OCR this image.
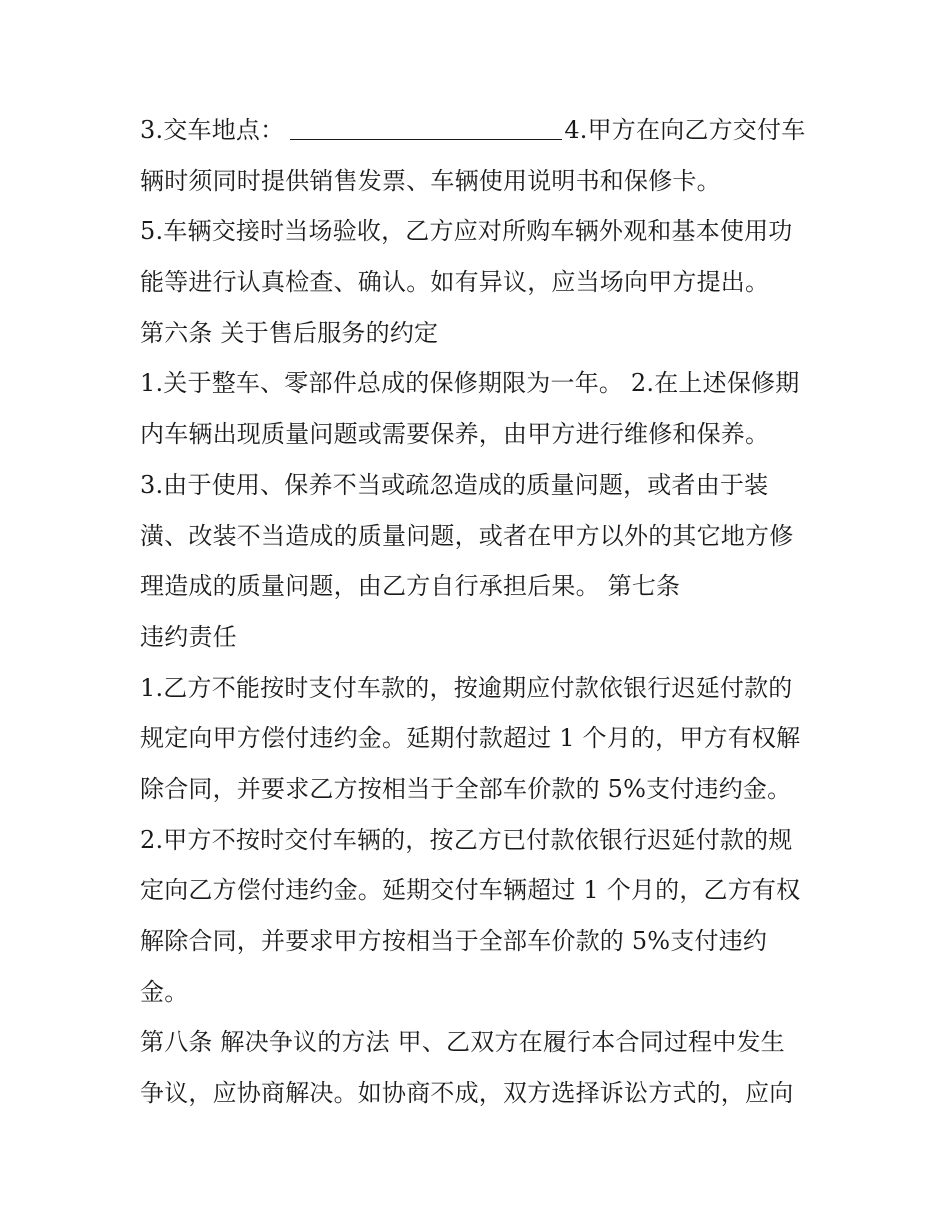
3.交车地点：	4.甲方在向乙方交付车
辆时须同时提供销售发票、车辆使用说明书和保修卡。
5.车辆交接时当场验收，乙方应对所购车辆外观和基本使用功
能等进行认真检查、确认。如有异议，应当场向甲方提出。
第六条 关于售后服务的约定
1.关于整车、零部件总成的保修期限为一年。 2.在上述保修期
内车辆出现质量问题或需要保养，由甲方进行维修和保养。
3.由于使用、保养不当或疏忽造成的质量问题，或者由于装
潢、改装不当造成的质量问题，或者在甲方以外的其它地方修
理造成的质量问题，由乙方自行承担后果。 第七条
违约责任
1.乙方不能按时支付车款的，按逾期应付款依银行迟延付款的
规定向甲方偿付违约金。延期付款超过 1 个月的，甲方有权解
除合同，并要求乙方按相当于全部车价款的 5%支付违约金。
2.甲方不按时交付车辆的，按乙方已付款依银行迟延付款的规
定向乙方偿付违约金。延期交付车辆超过 1 个月的，乙方有权
解除合同，并要求甲方按相当于全部车价款的 5%支付违约
金。
第八条 解决争议的方法 甲、乙双方在履行本合同过程中发生
争议，应协商解决。如协商不成，双方选择诉讼方式的，应向
